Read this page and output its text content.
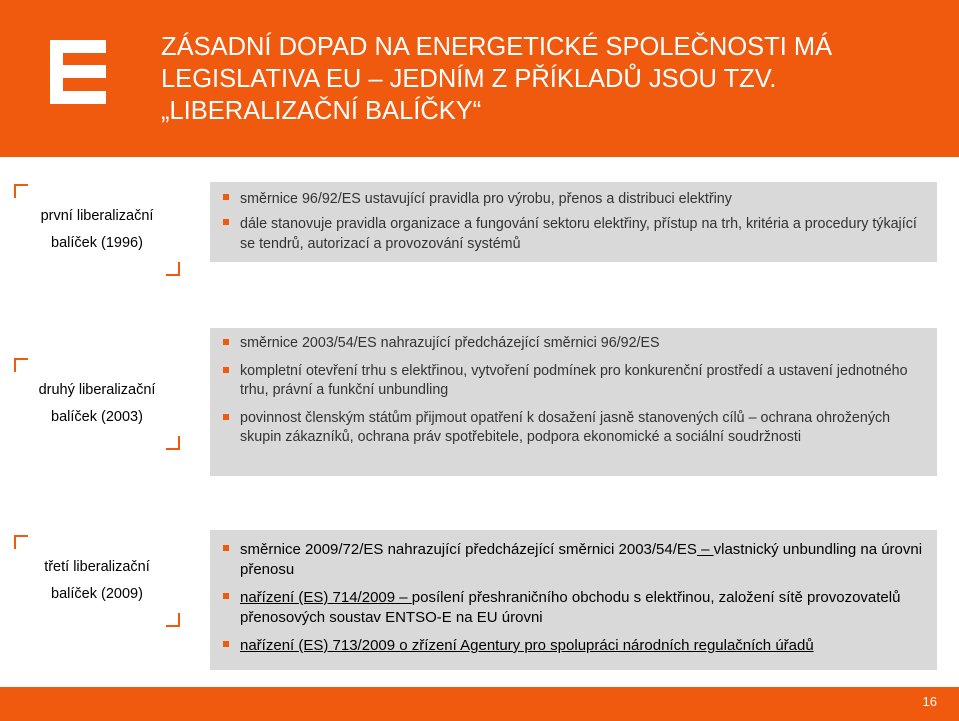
ZÁSADNÍ DOPAD NA ENERGETICKÉ SPOLEČNOSTI MÁ
LEGISLATIVA EU – JEDNÍM Z PŘÍKLADŮ JSOU TZV.
„LIBERALIZAČNÍ BALÍČKY“
první liberalizační
balíček (1996)
směrnice 96/92/ES ustavující pravidla pro výrobu, přenos a distribuci elektřiny
dále stanovuje pravidla organizace a fungování sektoru elektřiny, přístup na trh, kritéria a procedury týkající se tendrů, autorizací a provozování systémů
druhý liberalizační
balíček (2003)
směrnice 2003/54/ES nahrazující předcházející směrnici 96/92/ES
kompletní otevření trhu s elektřinou, vytvoření podmínek pro konkurenční prostředí a ustavení jednotného trhu, právní a funkční unbundling
povinnost členským státům přijmout opatření k dosažení jasně stanovených cílů – ochrana ohrožených skupin zákazníků, ochrana práv spotřebitele, podpora ekonomické a sociální soudržnosti
třetí liberalizační
balíček (2009)
směrnice 2009/72/ES nahrazující předcházející směrnici 2003/54/ES – vlastnický unbundling na úrovni přenosu
nařízení (ES) 714/2009 – posílení přeshraničního obchodu s elektřinou, založení sítě provozovatelů přenosových soustav ENTSO-E na EU úrovni
nařízení (ES) 713/2009 o zřízení Agentury pro spolupráci národních regulačních úřadů
16
